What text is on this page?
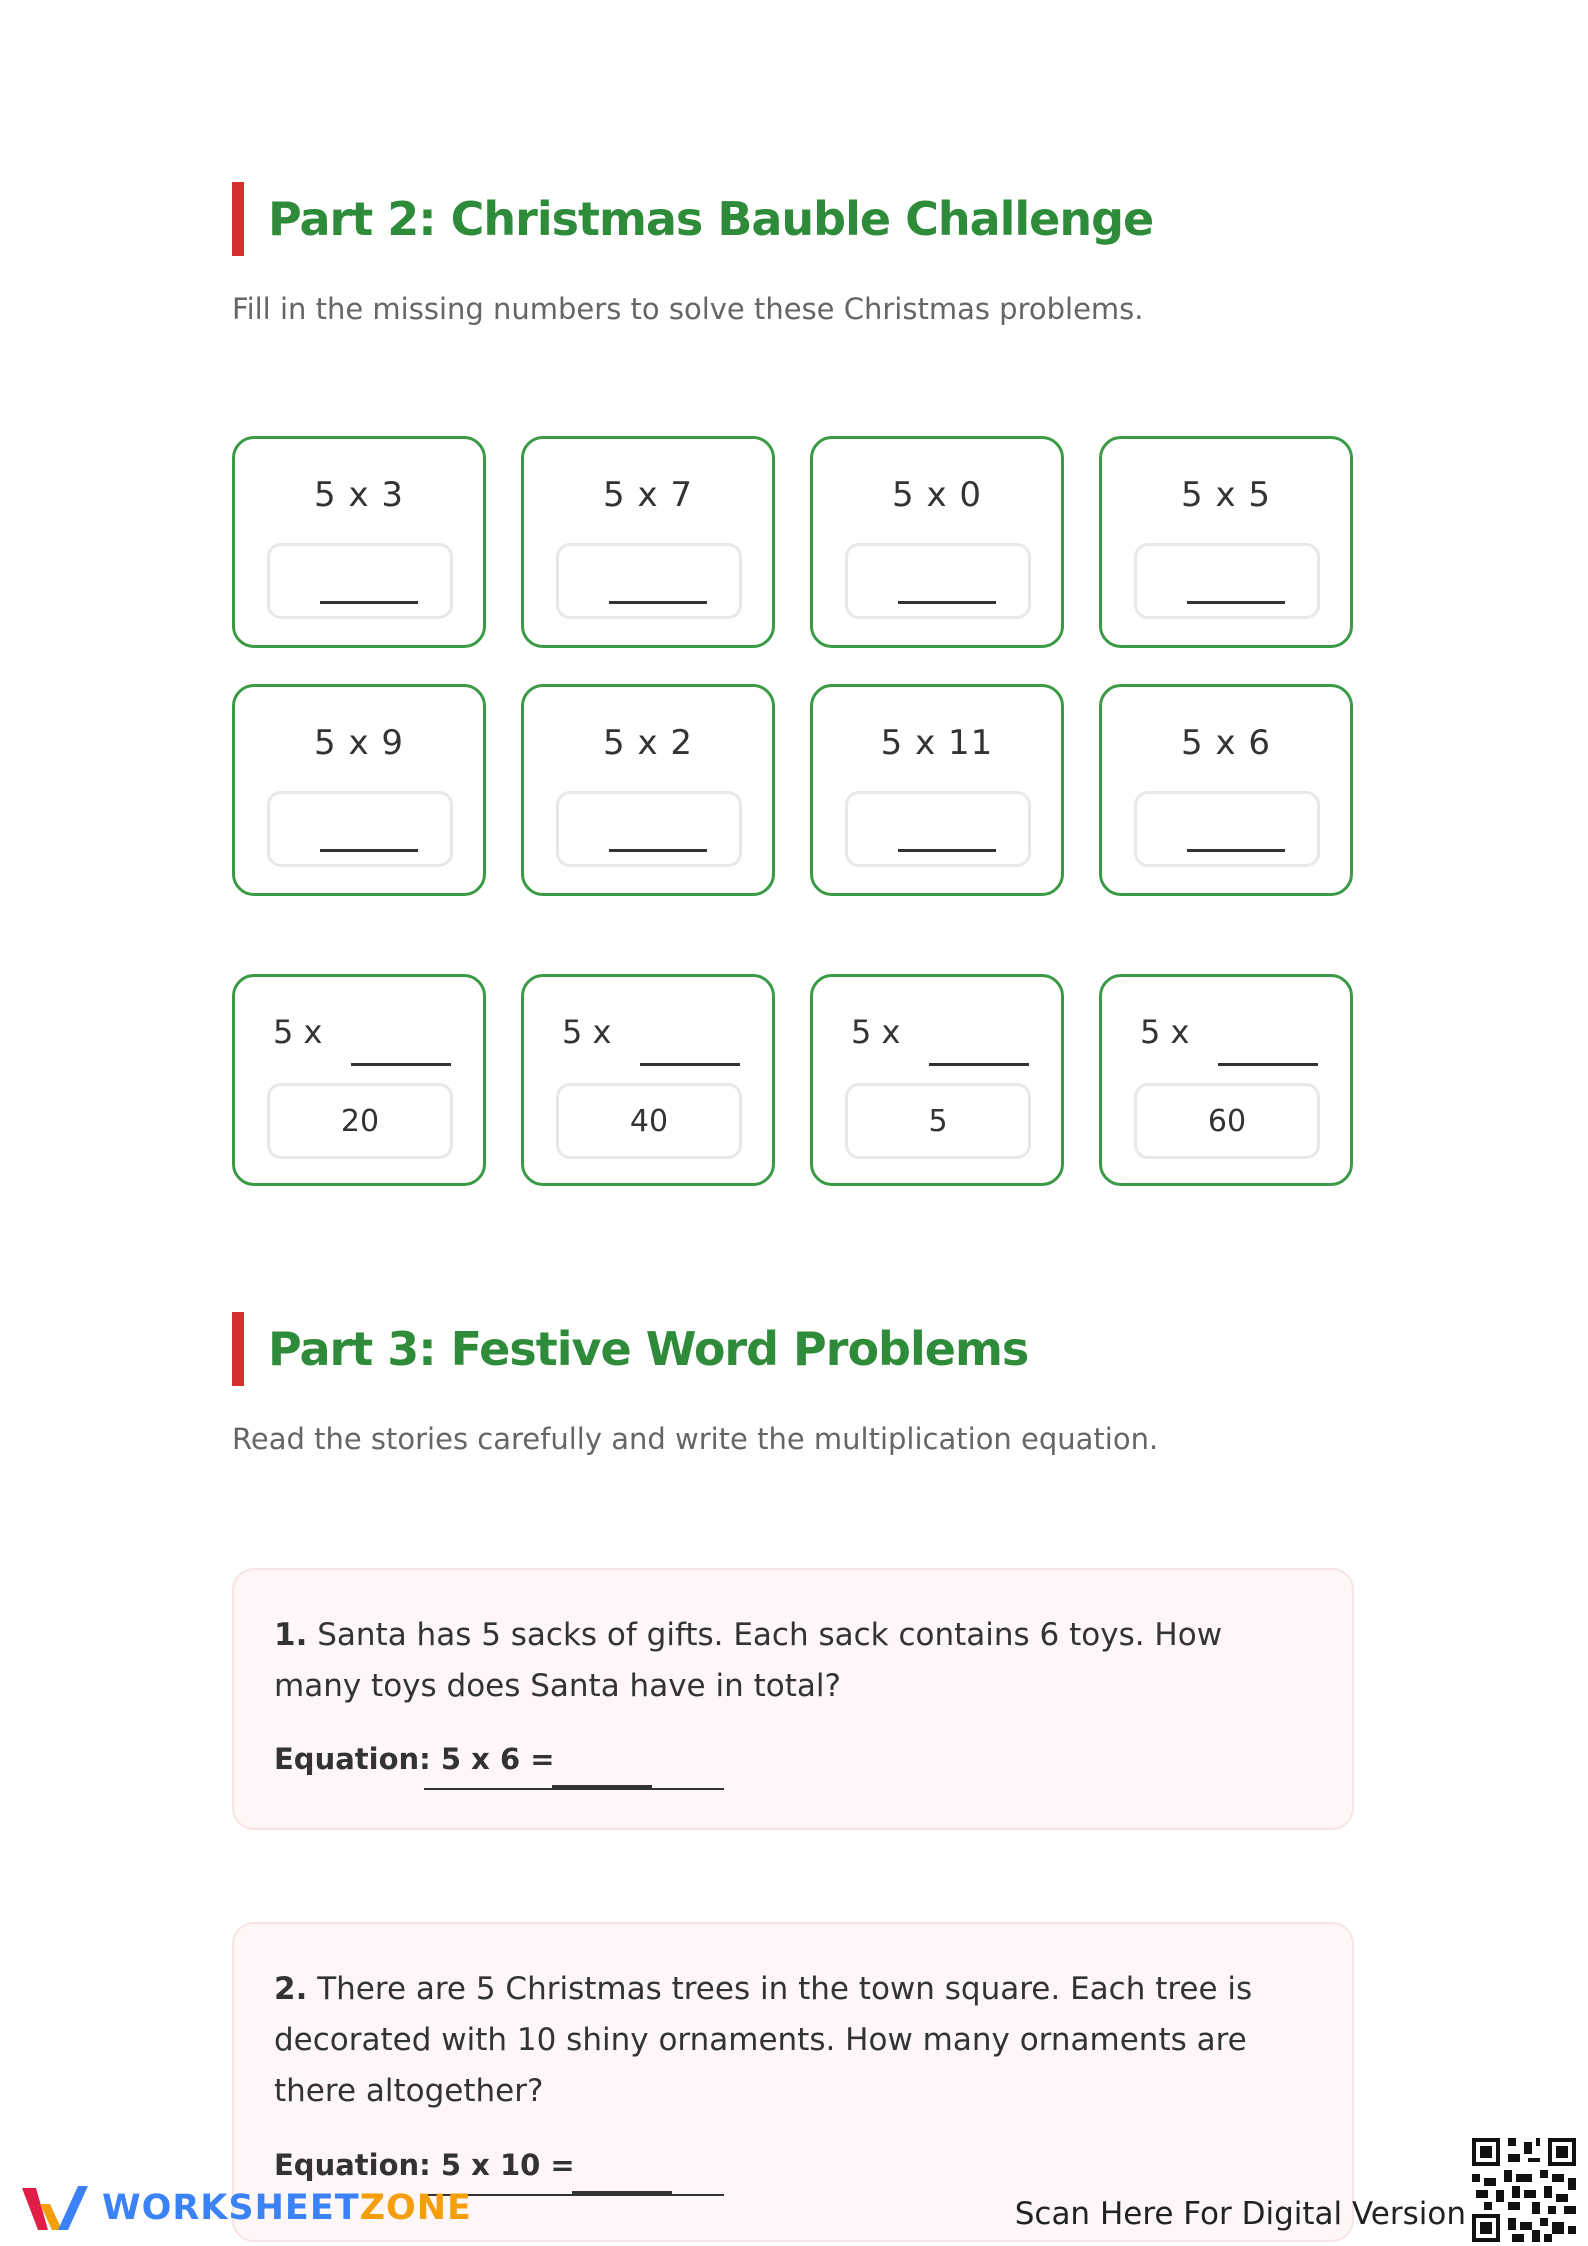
Part 2: Christmas Bauble Challenge
Fill in the missing numbers to solve these Christmas problems.
5 x 3	5 x 7	5 x 0	5 x 5
5 x 9	5 x 2	5 x 11	5 x 6
5 x
20
5 x
40
5 x
5
5 x
60
Part 3: Festive Word Problems
Read the stories carefully and write the multiplication equation.
1. Santa has 5 sacks of gifts. Each sack contains 6 toys. How many toys does Santa have in total?
Equation: 5 x 6 =
2. There are 5 Christmas trees in the town square. Each tree is decorated with 10 shiny ornaments. How many ornaments are there altogether?
Equation: 5 x 10 =
WORKSHEETZONE	Scan Here For Digital Version
